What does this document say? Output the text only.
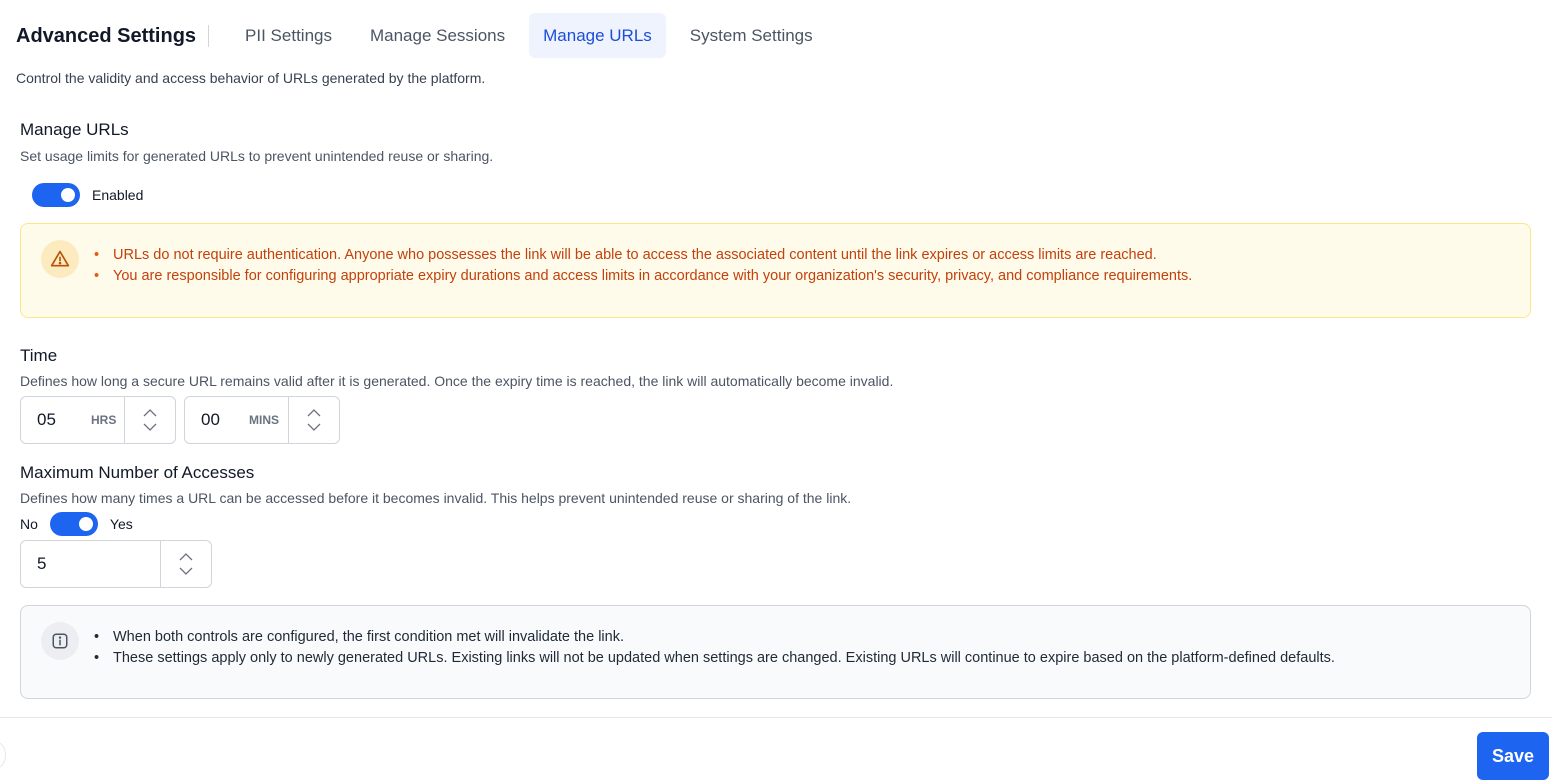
Advanced Settings	PII Settings	Manage Sessions	Manage URLs	System Settings
Control the validity and access behavior of URLs generated by the platform.
Manage URLs
Set usage limits for generated URLs to prevent unintended reuse or sharing.
Enabled
• URLs do not require authentication. Anyone who possesses the link will be able to access the associated content until the link expires or access limits are reached.
• You are responsible for configuring appropriate expiry durations and access limits in accordance with your organization's security, privacy, and compliance requirements.
Time
Defines how long a secure URL remains valid after it is generated. Once the expiry time is reached, the link will automatically become invalid.
05	HRS	00 MINS
Maximum Number of Accesses
Defines how many times a URL can be accessed before it becomes invalid. This helps prevent unintended reuse or sharing of the link.
No	Yes
5
• When both controls are configured, the first condition met will invalidate the link.
• These settings apply only to newly generated URLs. Existing links will not be updated when settings are changed. Existing URLs will continue to expire based on the platform-defined defaults.
Save
